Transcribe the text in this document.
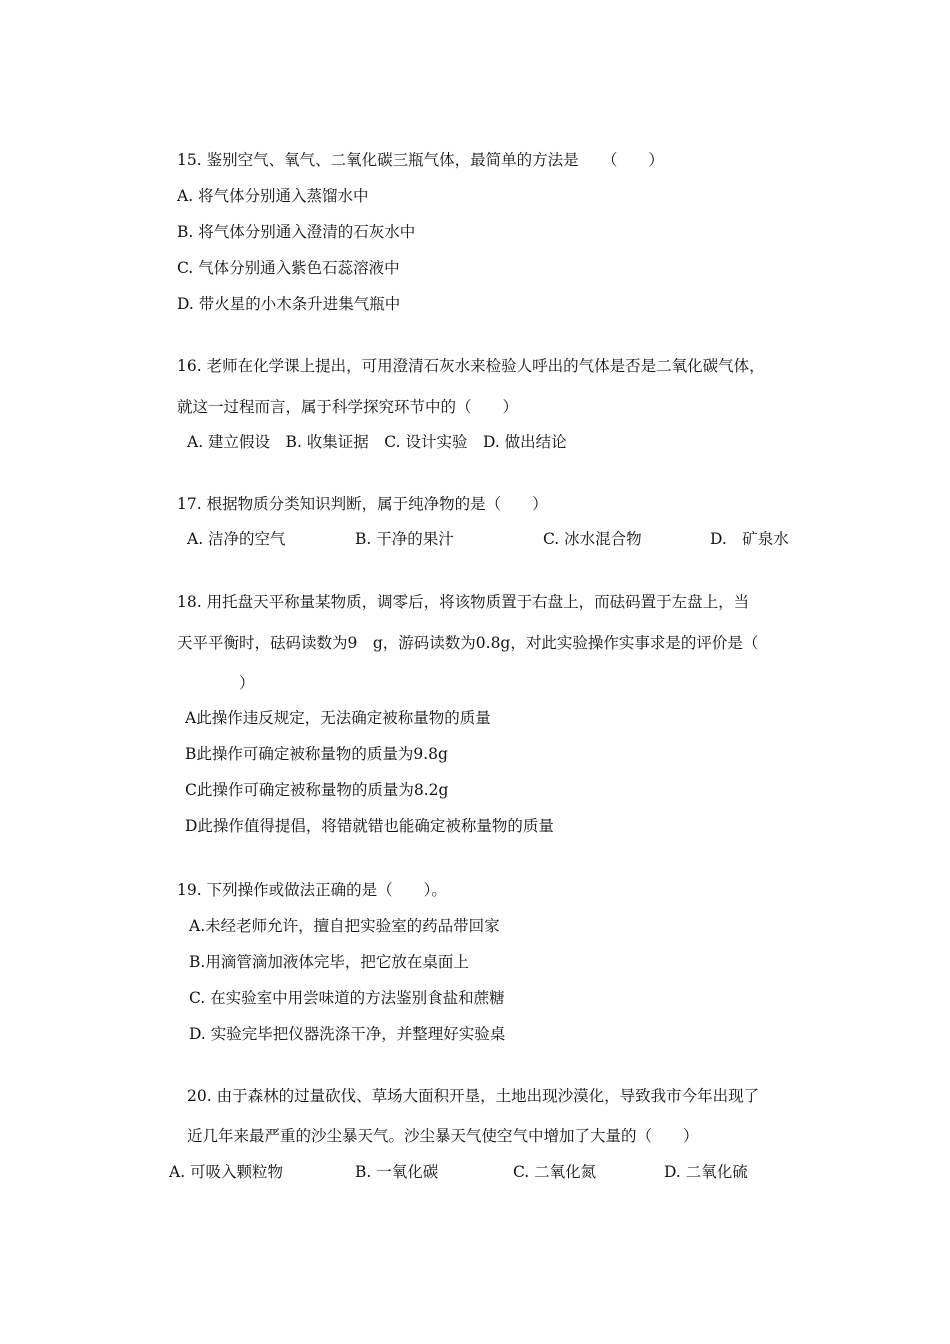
15. 鉴别空气、氧气、二氧化碳三瓶气体，最简单的方法是　　（　　）
A. 将气体分别通入蒸馏水中
B. 将气体分别通入澄清的石灰水中
C. 气体分别通入紫色石蕊溶液中
D. 带火星的小木条升进集气瓶中
16. 老师在化学课上提出，可用澄清石灰水来检验人呼出的气体是否是二氧化碳气体，
就这一过程而言，属于科学探究环节中的（　　）
A. 建立假设　B. 收集证据　C. 设计实验　D. 做出结论
17. 根据物质分类知识判断，属于纯净物的是（　　）
A. 洁净的空气	B. 干净的果汁	C. 冰水混合物	D.　矿泉水
18. 用托盘天平称量某物质，调零后，将该物质置于右盘上，而砝码置于左盘上，当
天平平衡时，砝码读数为9　g，游码读数为0.8g，对此实验操作实事求是的评价是（
　　　　）
A此操作违反规定，无法确定被称量物的质量
B此操作可确定被称量物的质量为9.8g
C此操作可确定被称量物的质量为8.2g
D此操作值得提倡，将错就错也能确定被称量物的质量
19. 下列操作或做法正确的是（　　）。
A.未经老师允许，擅自把实验室的药品带回家
B.用滴管滴加液体完毕，把它放在桌面上
C. 在实验室中用尝味道的方法鉴别食盐和蔗糖
D. 实验完毕把仪器洗涤干净，并整理好实验桌
20. 由于森林的过量砍伐、草场大面积开垦，土地出现沙漠化，导致我市今年出现了
近几年来最严重的沙尘暴天气。沙尘暴天气使空气中增加了大量的（　　）
A. 可吸入颗粒物	B. 一氧化碳	C. 二氧化氮	D. 二氧化硫
